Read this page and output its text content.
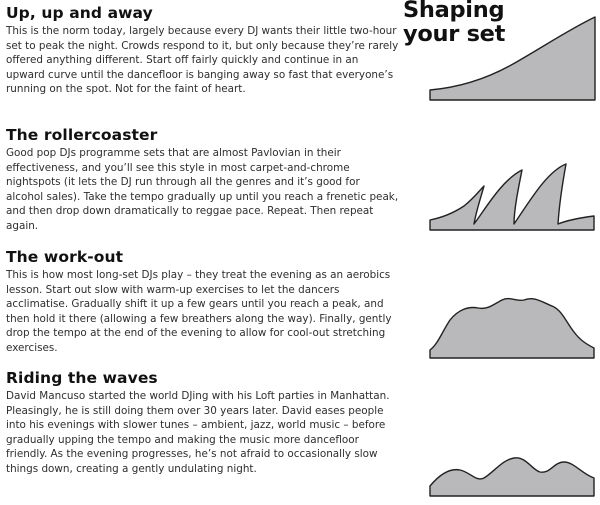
Up, up and away

This is the norm today, largely because every DJ wants their little two-hour set to peak the night. Crowds respond to it, but only because they’re rarely offered anything different. Start off fairly quickly and continue in an upward curve until the dancefloor is banging away so fast that everyone’s running on the spot. Not for the faint of heart.

The rollercoaster

Good pop DJs programme sets that are almost Pavlovian in their effectiveness, and you’ll see this style in most carpet-and-chrome nightspots (it lets the DJ run through all the genres and it’s good for alcohol sales). Take the tempo gradually up until you reach a frenetic peak, and then drop down dramatically to reggae pace. Repeat. Then repeat again.

The work-out

This is how most long-set DJs play – they treat the evening as an aerobics lesson. Start out slow with warm-up exercises to let the dancers acclimatise. Gradually shift it up a few gears until you reach a peak, and then hold it there (allowing a few breathers along the way). Finally, gently drop the tempo at the end of the evening to allow for cool-out stretching exercises.

Riding the waves

David Mancuso started the world DJing with his Loft parties in Manhattan. Pleasingly, he is still doing them over 30 years later. David eases people into his evenings with slower tunes – ambient, jazz, world music – before gradually upping the tempo and making the music more dancefloor friendly. As the evening progresses, he’s not afraid to occasionally slow things down, creating a gently undulating night.

Shaping
your set
